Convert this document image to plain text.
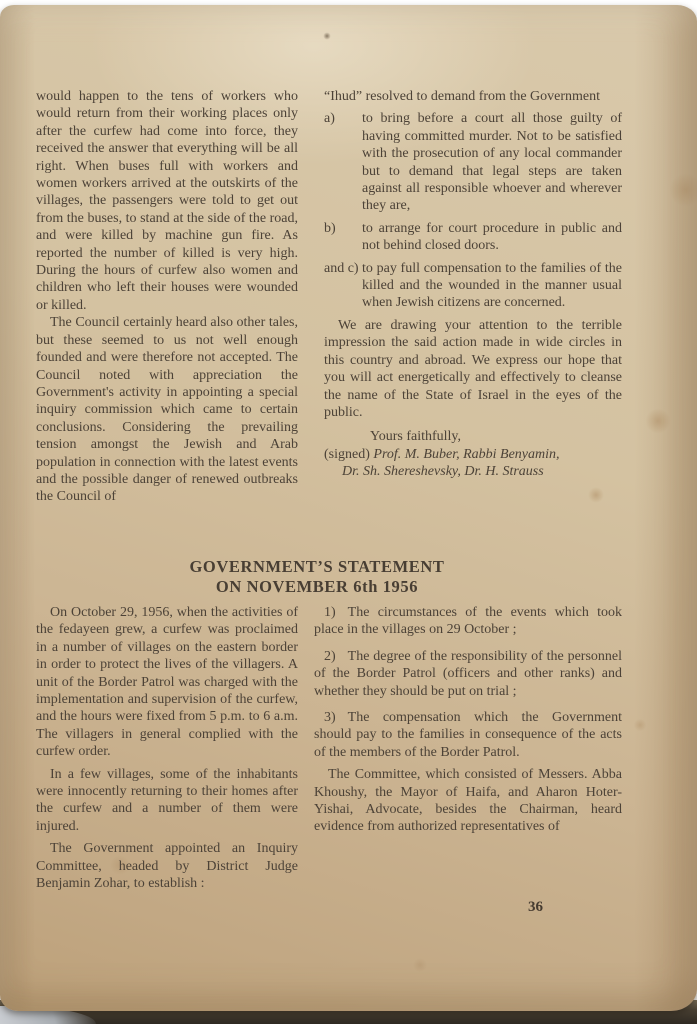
would happen to the tens of workers who would return from their working places only after the curfew had come into force, they received the answer that everything will be all right. When buses full with workers and women workers arrived at the outskirts of the villages, the passengers were told to get out from the buses, to stand at the side of the road, and were killed by machine gun fire. As reported the number of killed is very high. During the hours of curfew also women and children who left their houses were wounded or killed.

The Council certainly heard also other tales, but these seemed to us not well enough founded and were therefore not accepted. The Council noted with appreciation the Government's activity in appointing a special inquiry commission which came to certain conclusions. Considering the prevailing tension amongst the Jewish and Arab population in connection with the latest events and the possible danger of renewed outbreaks the Council of

“Ihud” resolved to demand from the Government

a) to bring before a court all those guilty of having committed murder. Not to be satisfied with the prosecution of any local commander but to demand that legal steps are taken against all responsible whoever and wherever they are,
b) to arrange for court procedure in public and not behind closed doors.
and c) to pay full compensation to the families of the killed and the wounded in the manner usual when Jewish citizens are concerned.

We are drawing your attention to the terrible impression the said action made in wide circles in this country and abroad. We express our hope that you will act energetically and effectively to cleanse the name of the State of Israel in the eyes of the public.

Yours faithfully,

(signed) Prof. M. Buber, Rabbi Benyamin,

Dr. Sh. Shereshevsky, Dr. H. Strauss

GOVERNMENT’S STATEMENT
ON NOVEMBER 6th 1956

On October 29, 1956, when the activities of the fedayeen grew, a curfew was proclaimed in a number of villages on the eastern border in order to protect the lives of the villagers. A unit of the Border Patrol was charged with the implementation and supervision of the curfew, and the hours were fixed from 5 p.m. to 6 a.m. The villagers in general complied with the curfew order.

In a few villages, some of the inhabitants were innocently returning to their homes after the curfew and a number of them were injured.

The Government appointed an Inquiry Committee, headed by District Judge Benjamin Zohar, to establish :

1) The circumstances of the events which took place in the villages on 29 October ;

2) The degree of the responsibility of the personnel of the Border Patrol (officers and other ranks) and whether they should be put on trial ;

3) The compensation which the Government should pay to the families in consequence of the acts of the members of the Border Patrol.

The Committee, which consisted of Messers. Abba Khoushy, the Mayor of Haifa, and Aharon Hoter-Yishai, Advocate, besides the Chairman, heard evidence from authorized representatives of

36
